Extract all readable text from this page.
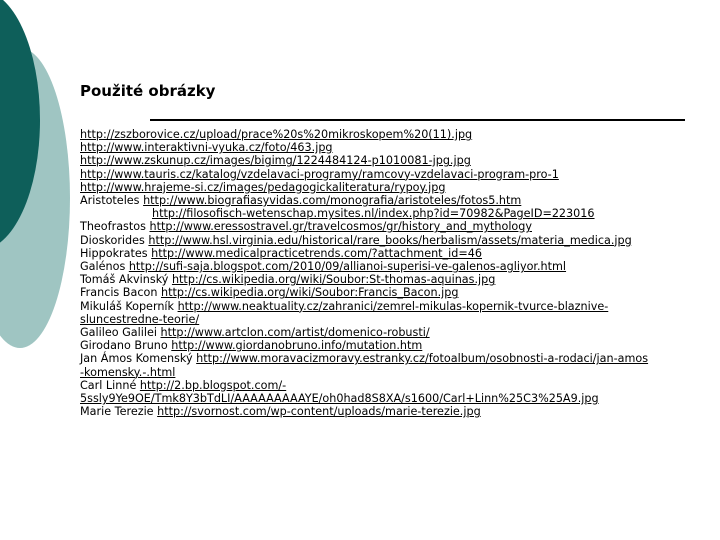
Použité obrázky
http://zszborovice.cz/upload/prace%20s%20mikroskopem%20(11).jpg
http://www.interaktivni-vyuka.cz/foto/463.jpg
http://www.zskunup.cz/images/bigimg/1224484124-p1010081-jpg.jpg
http://www.tauris.cz/katalog/vzdelavaci-programy/ramcovy-vzdelavaci-program-pro-1
http://www.hrajeme-si.cz/images/pedagogickaliteratura/rypoy.jpg
Aristoteles http://www.biografiasyvidas.com/monografia/aristoteles/fotos5.htm
http://filosofisch-wetenschap.mysites.nl/index.php?id=70982&PageID=223016
Theofrastos http://www.eressostravel.gr/travelcosmos/gr/history_and_mythology
Dioskorides http://www.hsl.virginia.edu/historical/rare_books/herbalism/assets/materia_medica.jpg
Hippokrates http://www.medicalpracticetrends.com/?attachment_id=46
Galénos http://sufi-saja.blogspot.com/2010/09/allianoi-superisi-ve-galenos-agliyor.html
Tomáš Akvinský http://cs.wikipedia.org/wiki/Soubor:St-thomas-aquinas.jpg
Francis Bacon http://cs.wikipedia.org/wiki/Soubor:Francis_Bacon.jpg
Mikuláš Koperník http://www.neaktuality.cz/zahranici/zemrel-mikulas-kopernik-tvurce-blaznive-
sluncestredne-teorie/
Galileo Galilei http://www.artclon.com/artist/domenico-robusti/
Girodano Bruno http://www.giordanobruno.info/mutation.htm
Jan Ámos Komenský http://www.moravacizmoravy.estranky.cz/fotoalbum/osobnosti-a-rodaci/jan-amos
-komensky.-.html
Carl Linné http://2.bp.blogspot.com/-
5ssly9Ye9OE/Tmk8Y3bTdLI/AAAAAAAAAYE/oh0had8S8XA/s1600/Carl+Linn%25C3%25A9.jpg
Marie Terezie http://svornost.com/wp-content/uploads/marie-terezie.jpg
